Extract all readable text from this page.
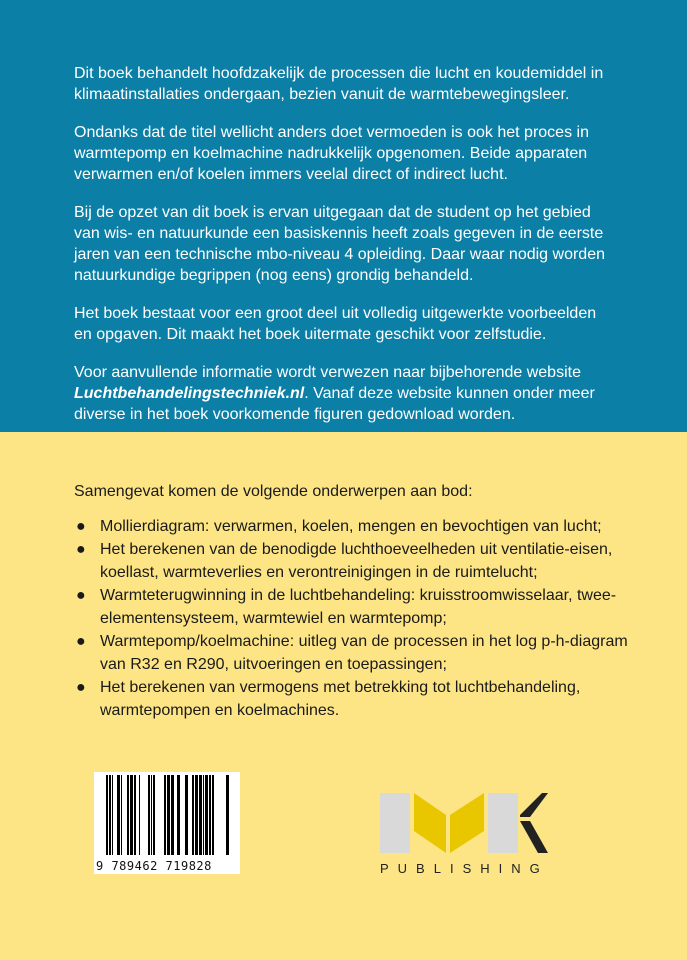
Dit boek behandelt hoofdzakelijk de processen die lucht en koudemiddel in
klimaatinstallaties ondergaan, bezien vanuit de warmtebewegingsleer.
Ondanks dat de titel wellicht anders doet vermoeden is ook het proces in
warmtepomp en koelmachine nadrukkelijk opgenomen. Beide apparaten
verwarmen en/of koelen immers veelal direct of indirect lucht.
Bij de opzet van dit boek is ervan uitgegaan dat de student op het gebied
van wis- en natuurkunde een basiskennis heeft zoals gegeven in de eerste
jaren van een technische mbo-niveau 4 opleiding. Daar waar nodig worden
natuurkundige begrippen (nog eens) grondig behandeld.
Het boek bestaat voor een groot deel uit volledig uitgewerkte voorbeelden
en opgaven. Dit maakt het boek uitermate geschikt voor zelfstudie.
Voor aanvullende informatie wordt verwezen naar bijbehorende website
Luchtbehandelingstechniek.nl. Vanaf deze website kunnen onder meer
diverse in het boek voorkomende figuren gedownload worden.
Samengevat komen de volgende onderwerpen aan bod:
● Mollierdiagram: verwarmen, koelen, mengen en bevochtigen van lucht;
● Het berekenen van de benodigde luchthoeveelheden uit ventilatie-eisen,
koellast, warmteverlies en verontreinigingen in de ruimtelucht;
● Warmteterugwinning in de luchtbehandeling: kruisstroomwisselaar, twee-
elementensysteem, warmtewiel en warmtepomp;
● Warmtepomp/koelmachine: uitleg van de processen in het log p-h-diagram
van R32 en R290, uitvoeringen en toepassingen;
● Het berekenen van vermogens met betrekking tot luchtbehandeling,
warmtepompen en koelmachines.
9 789462 719828	PUBLISHING
